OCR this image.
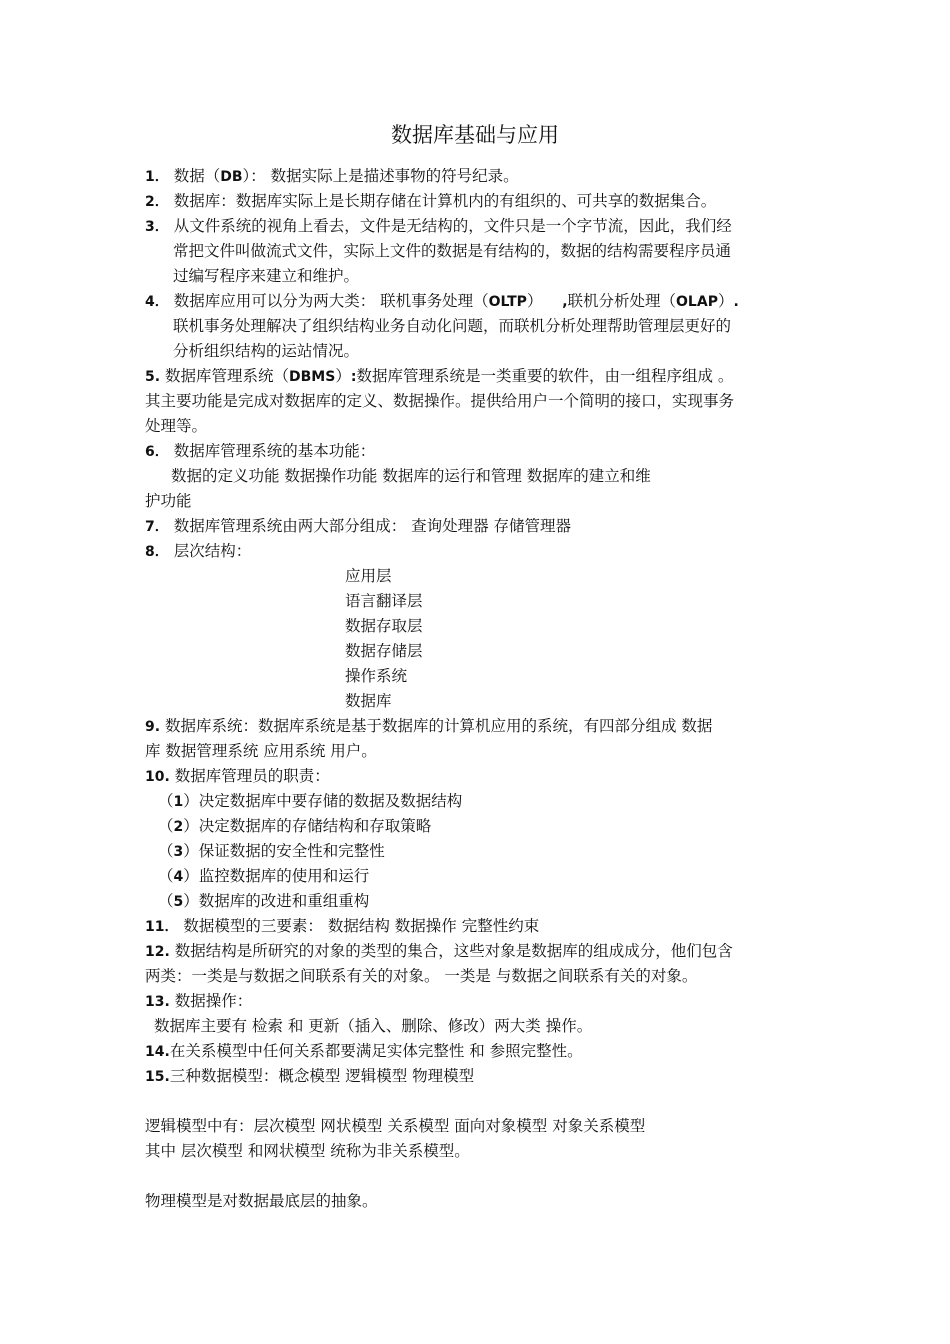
数据库基础与应用
1． 数据（DB）： 数据实际上是描述事物的符号纪录。
2． 数据库：数据库实际上是长期存储在计算机内的有组织的、可共享的数据集合。
3． 从文件系统的视角上看去，文件是无结构的，文件只是一个字节流，因此，我们经
常把文件叫做流式文件，实际上文件的数据是有结构的，数据的结构需要程序员通
过编写程序来建立和维护。
4． 数据库应用可以分为两大类： 联机事务处理（OLTP） ,联机分析处理（OLAP）.
联机事务处理解决了组织结构业务自动化问题，而联机分析处理帮助管理层更好的
分析组织结构的运站情况。
5. 数据库管理系统（DBMS）:数据库管理系统是一类重要的软件，由一组程序组成 。
其主要功能是完成对数据库的定义、数据操作。提供给用户一个简明的接口，实现事务
处理等。
6． 数据库管理系统的基本功能：
数据的定义功能 数据操作功能 数据库的运行和管理 数据库的建立和维
护功能
7． 数据库管理系统由两大部分组成： 查询处理器 存储管理器
8． 层次结构：
应用层
语言翻译层
数据存取层
数据存储层
操作系统
数据库
9. 数据库系统：数据库系统是基于数据库的计算机应用的系统，有四部分组成 数据
库 数据管理系统 应用系统 用户。
10. 数据库管理员的职责：
（1）决定数据库中要存储的数据及数据结构
（2）决定数据库的存储结构和存取策略
（3）保证数据的安全性和完整性
（4）监控数据库的使用和运行
（5）数据库的改进和重组重构
11． 数据模型的三要素： 数据结构 数据操作 完整性约束
12. 数据结构是所研究的对象的类型的集合，这些对象是数据库的组成成分，他们包含
两类：一类是与数据之间联系有关的对象。 一类是 与数据之间联系有关的对象。
13. 数据操作：
数据库主要有 检索 和 更新（插入、删除、修改）两大类 操作。
14.在关系模型中任何关系都要满足实体完整性 和 参照完整性。
15.三种数据模型：概念模型 逻辑模型 物理模型
逻辑模型中有：层次模型 网状模型 关系模型 面向对象模型 对象关系模型
其中 层次模型 和网状模型 统称为非关系模型。
物理模型是对数据最底层的抽象。
